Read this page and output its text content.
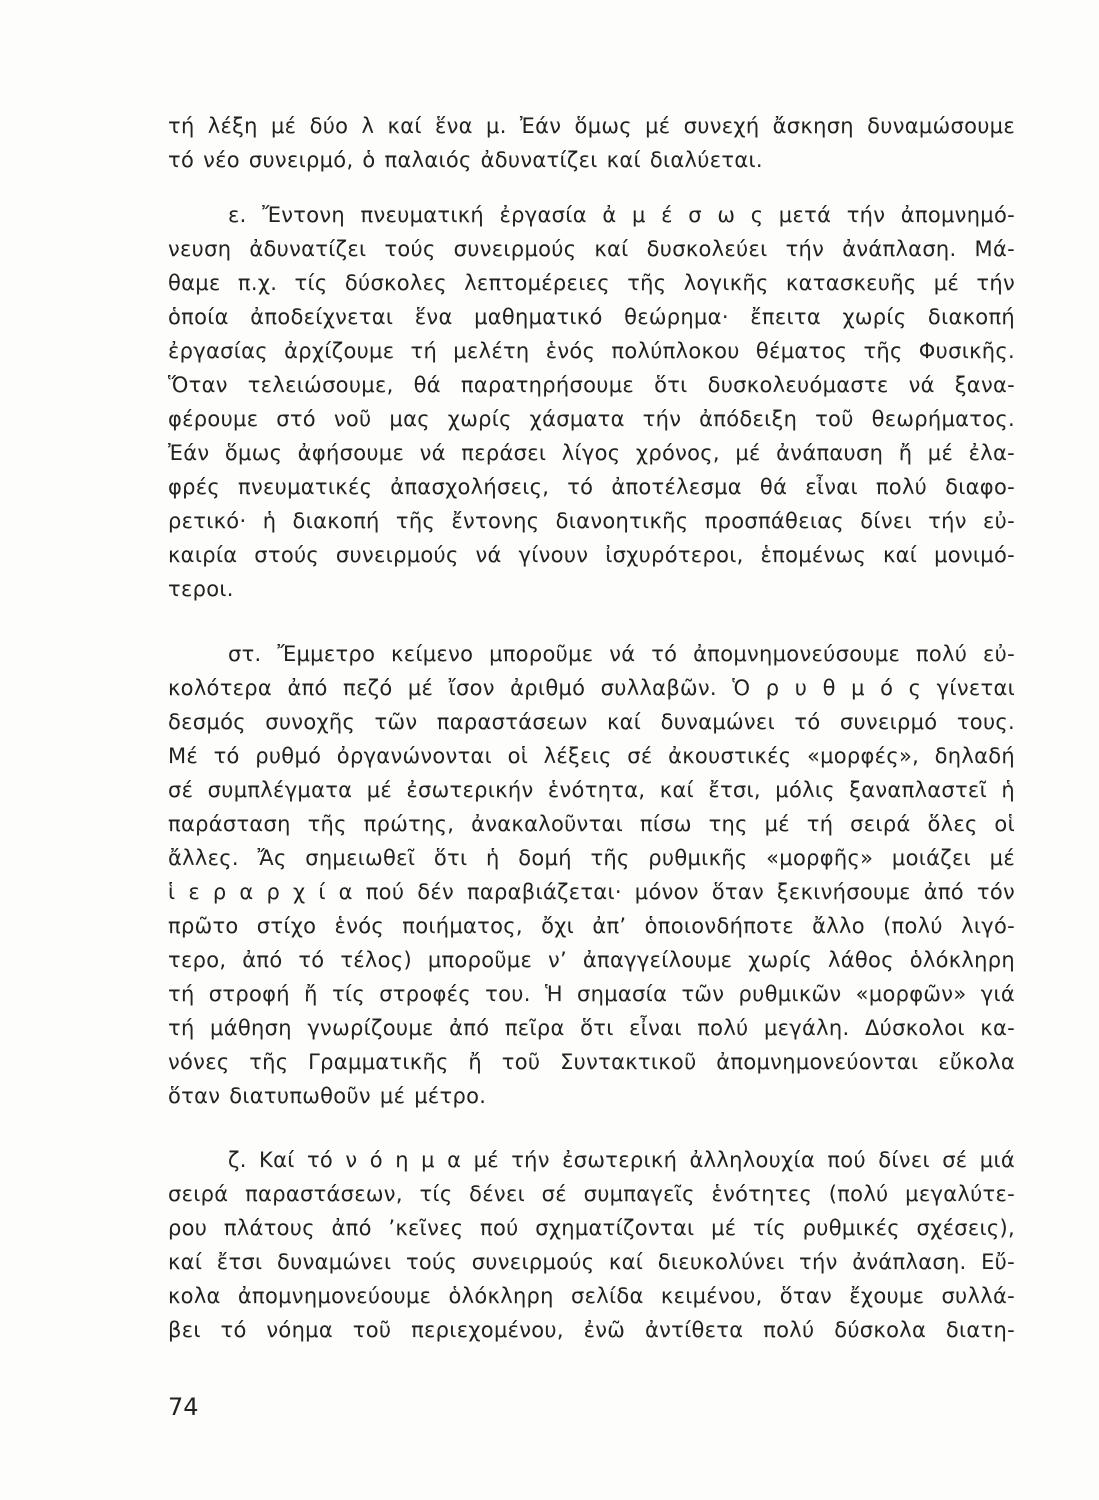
τή λέξη μέ δύο λ καί ἕνα μ. Ἐάν ὅμως μέ συνεχή ἄσκηση δυναμώσουμε

τό νέο συνειρμό, ὁ παλαιός ἀδυνατίζει καί διαλύεται.

ε. Ἔντονη πνευματική ἐργασία ἀ μ έ σ ω ς μετά τήν ἀπομνημό-

νευση ἀδυνατίζει τούς συνειρμούς καί δυσκολεύει τήν ἀνάπλαση. Μά-

θαμε π.χ. τίς δύσκολες λεπτομέρειες τῆς λογικῆς κατασκευῆς μέ τήν

ὁποία ἀποδείχνεται ἕνα μαθηματικό θεώρημα· ἔπειτα χωρίς διακοπή

ἐργασίας ἀρχίζουμε τή μελέτη ἑνός πολύπλοκου θέματος τῆς Φυσικῆς.

Ὅταν τελειώσουμε, θά παρατηρήσουμε ὅτι δυσκολευόμαστε νά ξανα-

φέρουμε στό νοῦ μας χωρίς χάσματα τήν ἀπόδειξη τοῦ θεωρήματος.

Ἐάν ὅμως ἀφήσουμε νά περάσει λίγος χρόνος, μέ ἀνάπαυση ἤ μέ ἐλα-

φρές πνευματικές ἀπασχολήσεις, τό ἀποτέλεσμα θά εἶναι πολύ διαφο-

ρετικό· ἡ διακοπή τῆς ἔντονης διανοητικῆς προσπάθειας δίνει τήν εὐ-

καιρία στούς συνειρμούς νά γίνουν ἰσχυρότεροι, ἑπομένως καί μονιμό-

τεροι.

στ. Ἔμμετρο κείμενο μποροῦμε νά τό ἀπομνημονεύσουμε πολύ εὐ-

κολότερα ἀπό πεζό μέ ἴσον ἀριθμό συλλαβῶν. Ὁ ρ υ θ μ ό ς γίνεται

δεσμός συνοχῆς τῶν παραστάσεων καί δυναμώνει τό συνειρμό τους.

Μέ τό ρυθμό ὀργανώνονται οἱ λέξεις σέ ἀκουστικές «μορφές», δηλαδή

σέ συμπλέγματα μέ ἐσωτερικήν ἑνότητα, καί ἔτσι, μόλις ξαναπλαστεῖ ἡ

παράσταση τῆς πρώτης, ἀνακαλοῦνται πίσω της μέ τή σειρά ὅλες οἱ

ἄλλες. Ἄς σημειωθεῖ ὅτι ἡ δομή τῆς ρυθμικῆς «μορφῆς» μοιάζει μέ

ἱ ε ρ α ρ χ ί α πού δέν παραβιάζεται· μόνον ὅταν ξεκινήσουμε ἀπό τόν

πρῶτο στίχο ἑνός ποιήματος, ὄχι ἀπ’ ὁποιονδήποτε ἄλλο (πολύ λιγό-

τερο, ἀπό τό τέλος) μποροῦμε ν’ ἀπαγγείλουμε χωρίς λάθος ὁλόκληρη

τή στροφή ἤ τίς στροφές του. Ἡ σημασία τῶν ρυθμικῶν «μορφῶν» γιά

τή μάθηση γνωρίζουμε ἀπό πεῖρα ὅτι εἶναι πολύ μεγάλη. Δύσκολοι κα-

νόνες τῆς Γραμματικῆς ἤ τοῦ Συντακτικοῦ ἀπομνημονεύονται εὔκολα

ὅταν διατυπωθοῦν μέ μέτρο.

ζ. Καί τό ν ό η μ α μέ τήν ἐσωτερική ἀλληλουχία πού δίνει σέ μιά

σειρά παραστάσεων, τίς δένει σέ συμπαγεῖς ἑνότητες (πολύ μεγαλύτε-

ρου πλάτους ἀπό ’κεῖνες πού σχηματίζονται μέ τίς ρυθμικές σχέσεις),

καί ἔτσι δυναμώνει τούς συνειρμούς καί διευκολύνει τήν ἀνάπλαση. Εὔ-

κολα ἀπομνημονεύουμε ὁλόκληρη σελίδα κειμένου, ὅταν ἔχουμε συλλά-

βει τό νόημα τοῦ περιεχομένου, ἐνῶ ἀντίθετα πολύ δύσκολα διατη-

74
